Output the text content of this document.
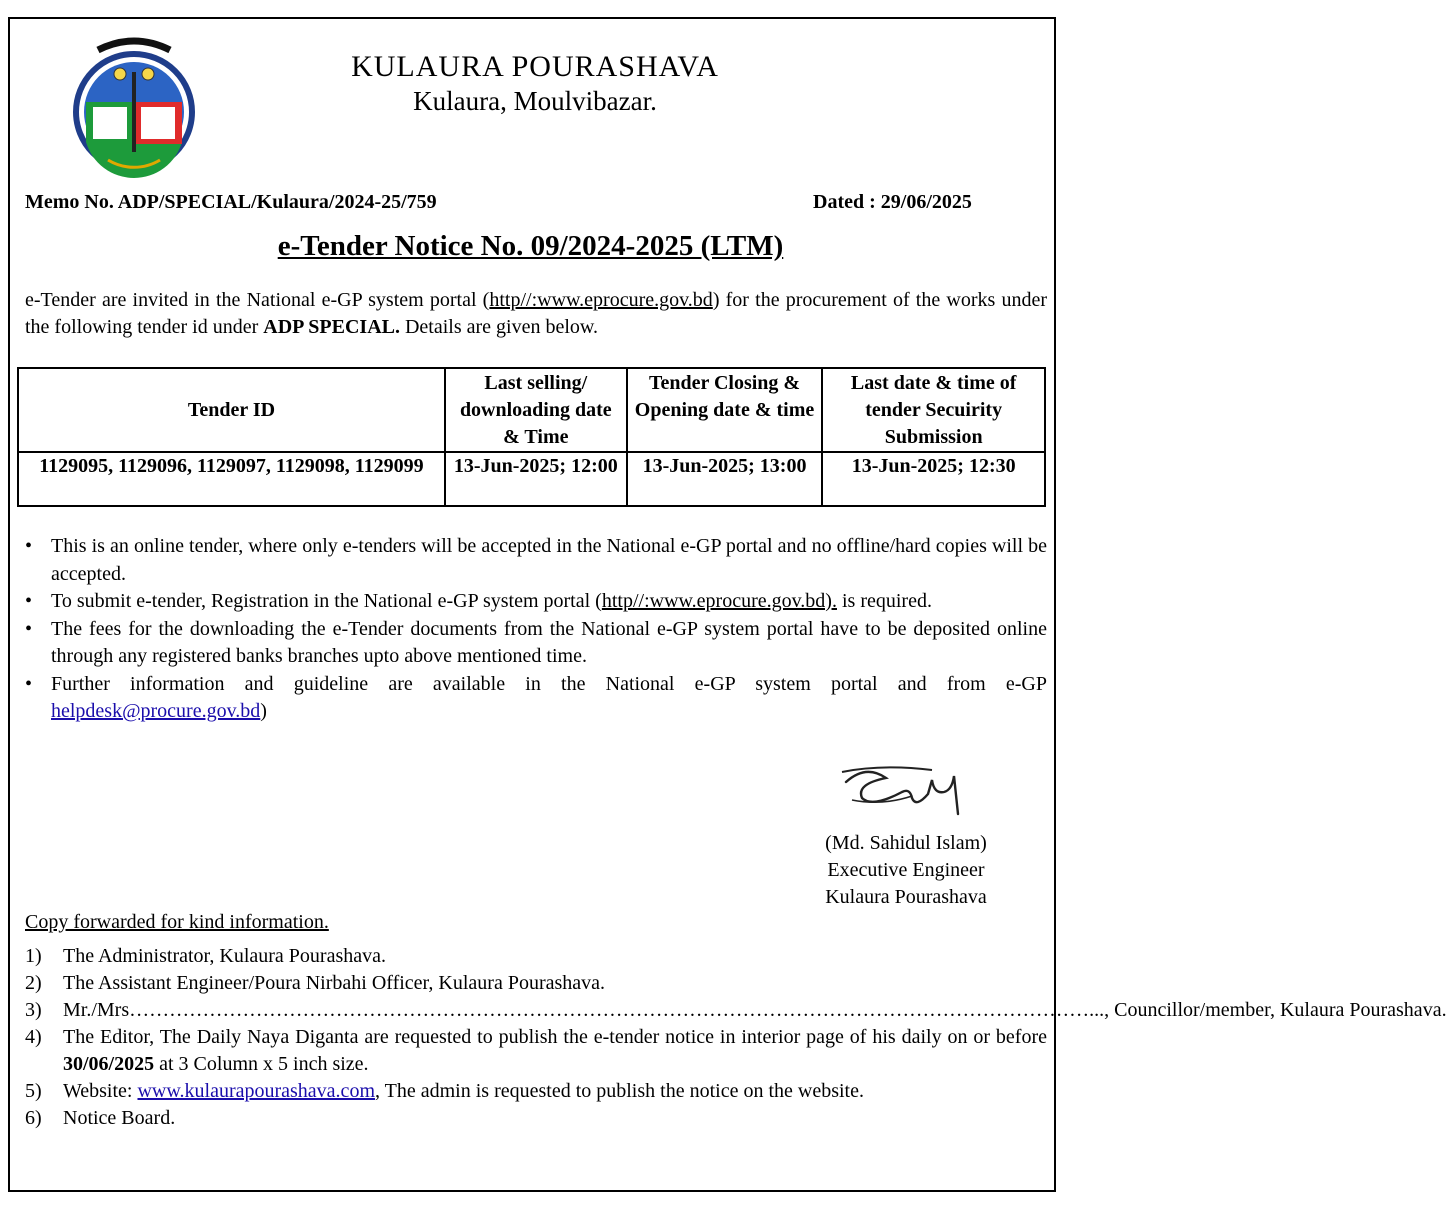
KULAURA POURASHAVA
Kulaura, Moulvibazar.
Memo No. ADP/SPECIAL/Kulaura/2024-25/759	Dated : 29/06/2025
e-Tender Notice No. 09/2024-2025 (LTM)
e-Tender are invited in the National e-GP system portal (http//:www.eprocure.gov.bd) for the procurement of the works under the following tender id under ADP SPECIAL. Details are given below.
Tender ID	Last selling/ downloading date & Time	Tender Closing & Opening date & time	Last date & time of tender Secuirity Submission
1129095, 1129096, 1129097, 1129098, 1129099	13-Jun-2025; 12:00	13-Jun-2025; 13:00	13-Jun-2025; 12:30
• This is an online tender, where only e-tenders will be accepted in the National e-GP portal and no offline/hard copies will be accepted.
• To submit e-tender, Registration in the National e-GP system portal (http//:www.eprocure.gov.bd). is required.
• The fees for the downloading the e-Tender documents from the National e-GP system portal have to be deposited online through any registered banks branches upto above mentioned time.
• Further information and guideline are available in the National e-GP system portal and from e-GP
helpdesk@procure.gov.bd)
(Md. Sahidul Islam)
Executive Engineer
Kulaura Pourashava
Copy forwarded for kind information.
1) The Administrator, Kulaura Pourashava.
2) The Assistant Engineer/Poura Nirbahi Officer, Kulaura Pourashava.
3) Mr./Mrs………………………………………………………………………………………………………………………………..., Councillor/member, Kulaura Pourashava.
4) The Editor, The Daily Naya Diganta are requested to publish the e-tender notice in interior page of his daily on or before 30/06/2025 at 3 Column x 5 inch size.
5) Website: www.kulaurapourashava.com, The admin is requested to publish the notice on the website.
6) Notice Board.
